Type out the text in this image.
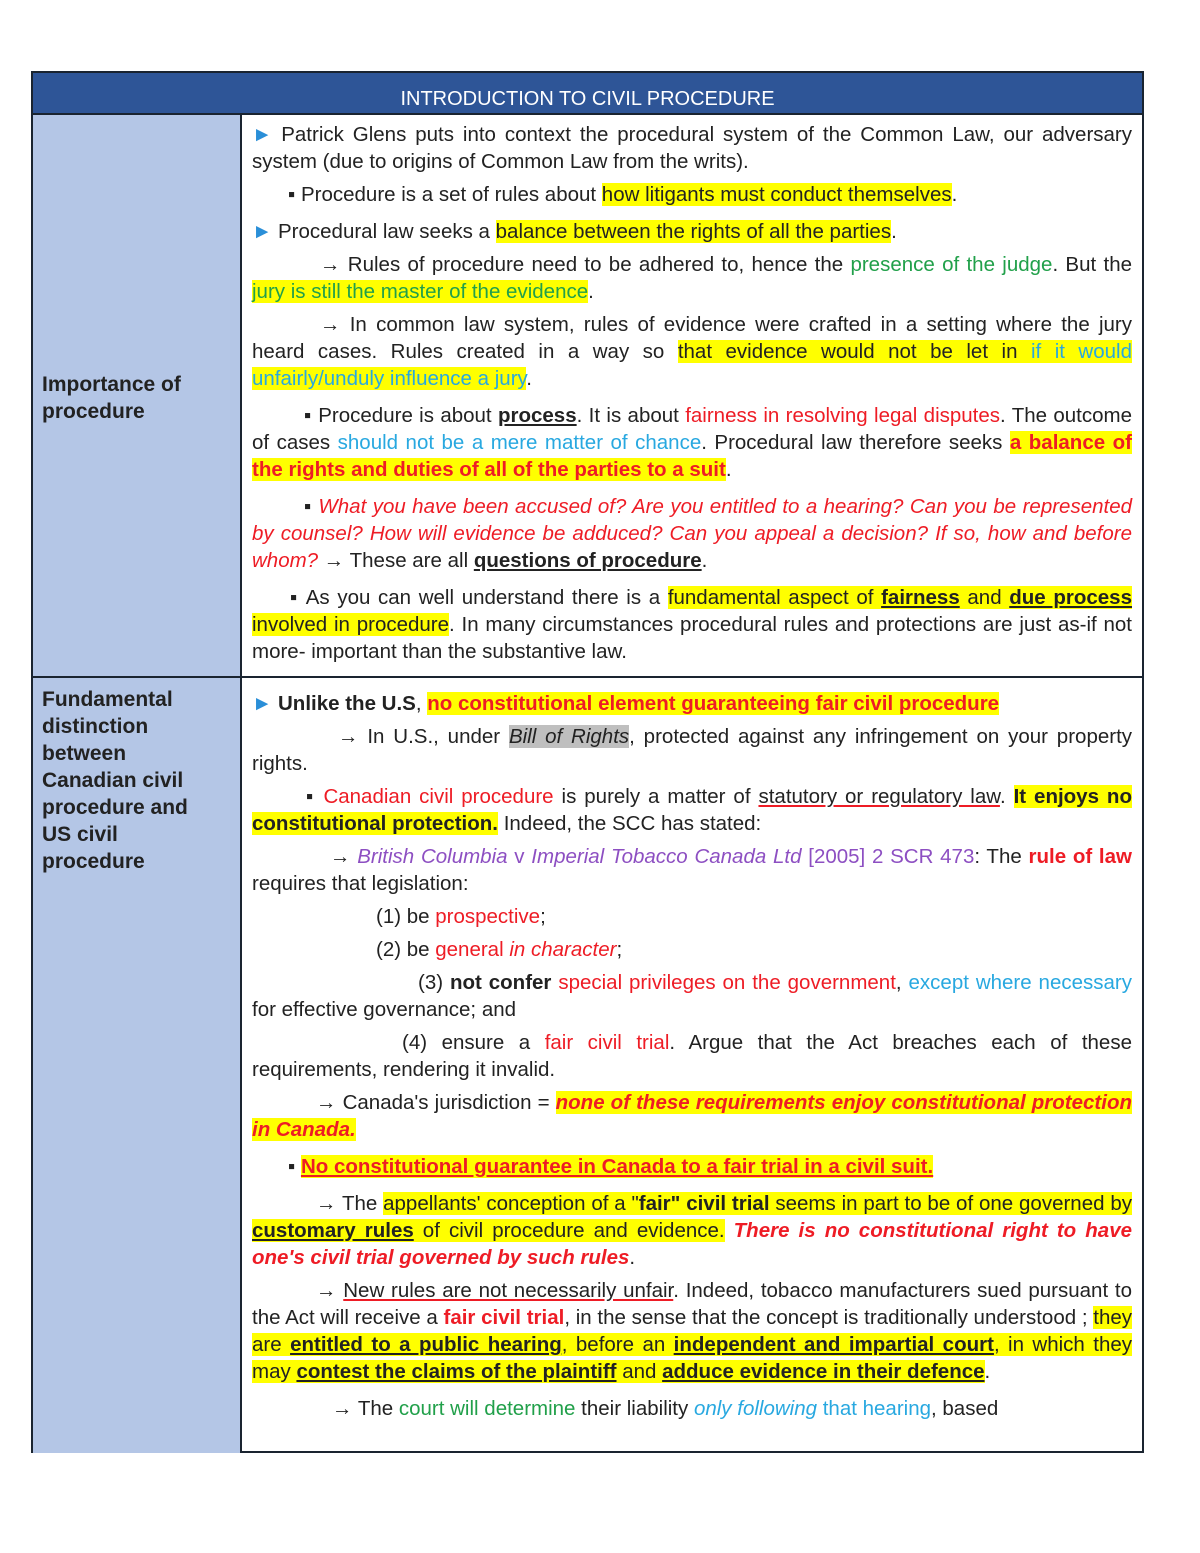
INTRODUCTION TO CIVIL PROCEDURE
Importance of procedure

► Patrick Glens puts into context the procedural system of the Common Law, our adversary system (due to origins of Common Law from the writs).

▪ Procedure is a set of rules about how litigants must conduct themselves.

► Procedural law seeks a balance between the rights of all the parties.

→ Rules of procedure need to be adhered to, hence the presence of the judge. But the jury is still the master of the evidence.

→ In common law system, rules of evidence were crafted in a setting where the jury heard cases. Rules created in a way so that evidence would not be let in if it would unfairly/unduly influence a jury.

▪ Procedure is about process. It is about fairness in resolving legal disputes. The outcome of cases should not be a mere matter of chance. Procedural law therefore seeks a balance of the rights and duties of all of the parties to a suit.

▪ What you have been accused of? Are you entitled to a hearing? Can you be represented by counsel? How will evidence be adduced? Can you appeal a decision? If so, how and before whom? → These are all questions of procedure.

▪ As you can well understand there is a fundamental aspect of fairness and due process involved in procedure. In many circumstances procedural rules and protections are just as-if not more- important than the substantive law.

Fundamental distinction between Canadian civil procedure and US civil procedure

► Unlike the U.S, no constitutional element guaranteeing fair civil procedure

→ In U.S., under Bill of Rights, protected against any infringement on your property rights.

▪ Canadian civil procedure is purely a matter of statutory or regulatory law. It enjoys no constitutional protection. Indeed, the SCC has stated:

→ British Columbia v Imperial Tobacco Canada Ltd [2005] 2 SCR 473: The rule of law requires that legislation:

(1) be prospective;

(2) be general in character;

(3) not confer special privileges on the government, except where necessary for effective governance; and

(4) ensure a fair civil trial. Argue that the Act breaches each of these requirements, rendering it invalid.

→ Canada's jurisdiction = none of these requirements enjoy constitutional protection in Canada.

▪ No constitutional guarantee in Canada to a fair trial in a civil suit.

→ The appellants' conception of a "fair" civil trial seems in part to be of one governed by customary rules of civil procedure and evidence. There is no constitutional right to have one's civil trial governed by such rules.

→ New rules are not necessarily unfair. Indeed, tobacco manufacturers sued pursuant to the Act will receive a fair civil trial, in the sense that the concept is traditionally understood ; they are entitled to a public hearing, before an independent and impartial court, in which they may contest the claims of the plaintiff and adduce evidence in their defence.

→ The court will determine their liability only following that hearing, based
